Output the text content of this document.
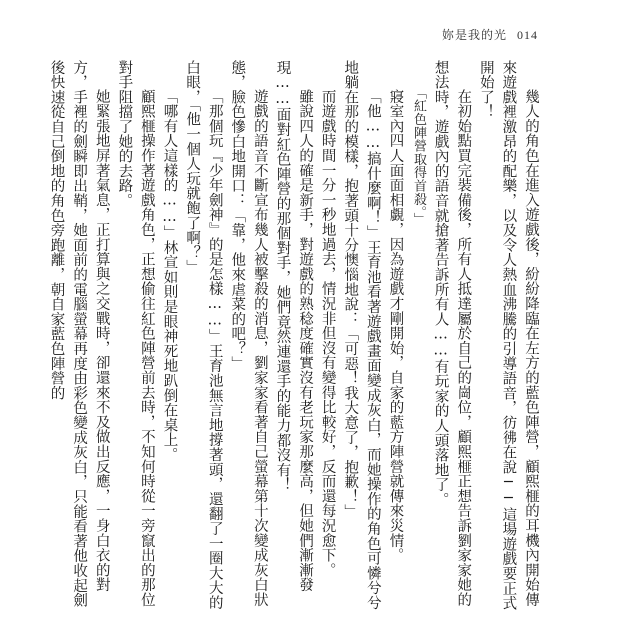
妳是我的光 014

幾人的角色在進入遊戲後，紛紛降臨在左方的藍色陣營，顧熙榧的耳機內開始傳來遊戲裡激昂的配樂，以及令人熱血沸騰的引導語音，彷彿在說──這場遊戲要正式開始了！

在初始點買完裝備後，所有人抵達屬於自己的崗位，顧熙榧正想告訴劉家家她的想法時，遊戲內的語音就搶著告訴所有人……有玩家的人頭落地了。

「紅色陣營取得首殺。」

寢室內四人面面相覷，因為遊戲才剛開始，自家的藍方陣營就傳來災情。

「他……搞什麼啊！」王育池看著遊戲畫面變成灰白，而她操作的角色可憐兮兮地躺在那的模樣，抱著頭十分懊惱地說：「可惡！我大意了，抱歉！」

而遊戲時間一分一秒地過去，情況非但沒有變得比較好，反而還每況愈下。

雖說四人的確是新手，對遊戲的熟稔度確實沒有老玩家那麼高，但她們漸漸發現……面對紅色陣營的那個對手，她們竟然連還手的能力都沒有！

遊戲的語音不斷宣布幾人被擊殺的消息，劉家家看著自己螢幕第十次變成灰白狀態，臉色慘白地開口：「靠，他來虐菜的吧？」

「那個玩『少年劍神』的是怎樣……」王育池無言地撐著頭，還翻了一圈大大的白眼，「他一個人玩就飽了啊？」

「哪有人這樣的……」林宣如則是眼神死地趴倒在桌上。

顧熙榧操作著遊戲角色，正想偷往紅色陣營前去時，不知何時從一旁竄出的那位對手阻擋了她的去路。

她緊張地屏著氣息，正打算與之交戰時，卻還來不及做出反應，一身白衣的對方，手裡的劍瞬即出鞘，她面前的電腦螢幕再度由彩色變成灰白，只能看著他收起劍後快速從自己倒地的角色旁跑離，朝自家藍色陣營的
